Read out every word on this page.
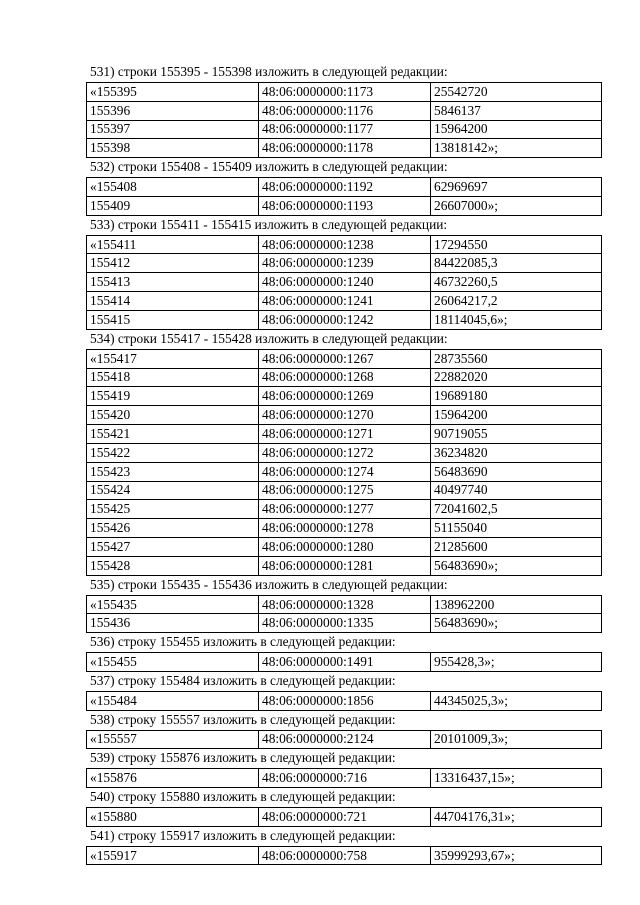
531) строки 155395 - 155398 изложить в следующей редакции:
«155395	48:06:0000000:1173	25542720
155396	48:06:0000000:1176	5846137
155397	48:06:0000000:1177	15964200
155398	48:06:0000000:1178	13818142»;
532) строки 155408 - 155409 изложить в следующей редакции:
«155408	48:06:0000000:1192	62969697
155409	48:06:0000000:1193	26607000»;
533) строки 155411 - 155415 изложить в следующей редакции:
«155411	48:06:0000000:1238	17294550
155412	48:06:0000000:1239	84422085,3
155413	48:06:0000000:1240	46732260,5
155414	48:06:0000000:1241	26064217,2
155415	48:06:0000000:1242	18114045,6»;
534) строки 155417 - 155428 изложить в следующей редакции:
«155417	48:06:0000000:1267	28735560
155418	48:06:0000000:1268	22882020
155419	48:06:0000000:1269	19689180
155420	48:06:0000000:1270	15964200
155421	48:06:0000000:1271	90719055
155422	48:06:0000000:1272	36234820
155423	48:06:0000000:1274	56483690
155424	48:06:0000000:1275	40497740
155425	48:06:0000000:1277	72041602,5
155426	48:06:0000000:1278	51155040
155427	48:06:0000000:1280	21285600
155428	48:06:0000000:1281	56483690»;
535) строки 155435 - 155436 изложить в следующей редакции:
«155435	48:06:0000000:1328	138962200
155436	48:06:0000000:1335	56483690»;
536) строку 155455 изложить в следующей редакции:
«155455	48:06:0000000:1491	955428,3»;
537) строку 155484 изложить в следующей редакции:
«155484	48:06:0000000:1856	44345025,3»;
538) строку 155557 изложить в следующей редакции:
«155557	48:06:0000000:2124	20101009,3»;
539) строку 155876 изложить в следующей редакции:
«155876	48:06:0000000:716	13316437,15»;
540) строку 155880 изложить в следующей редакции:
«155880	48:06:0000000:721	44704176,31»;
541) строку 155917 изложить в следующей редакции:
«155917	48:06:0000000:758	35999293,67»;
